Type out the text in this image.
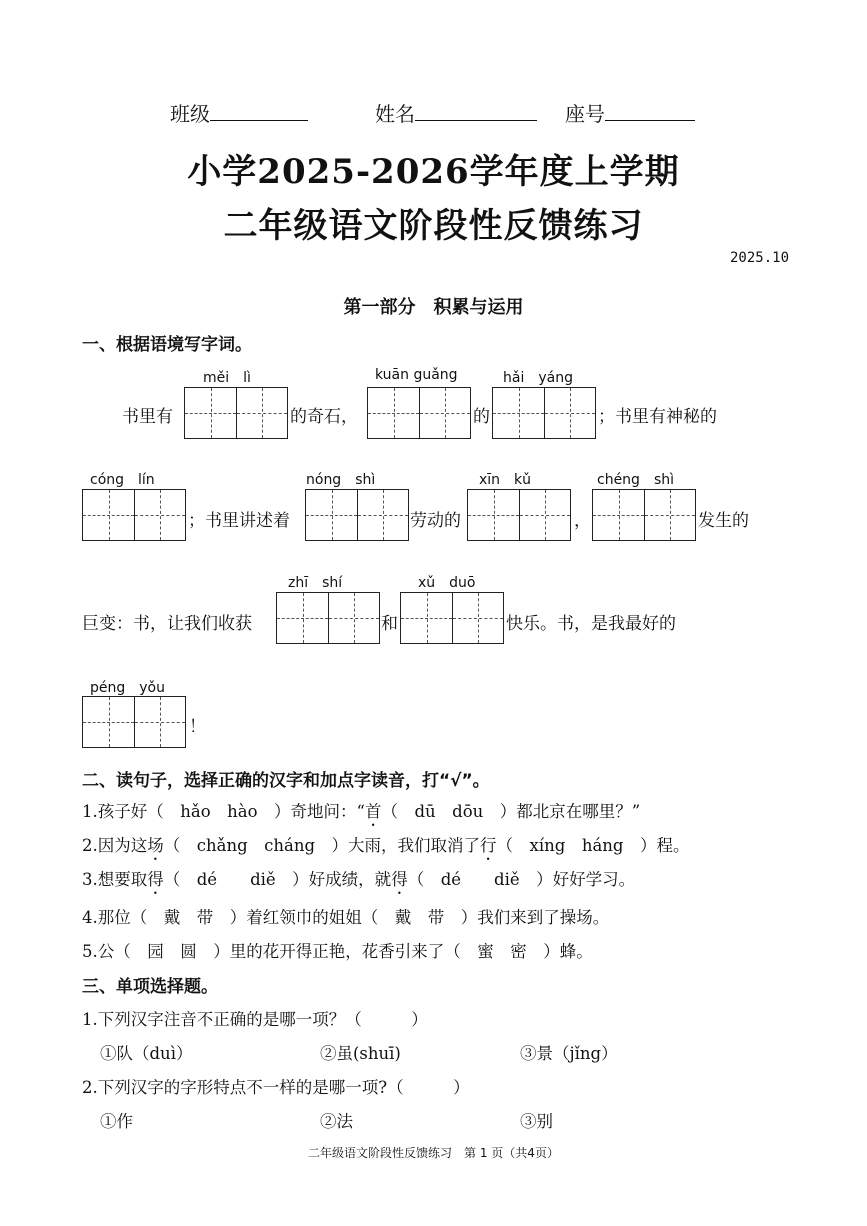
班级	姓名	座号
小学2025-2026学年度上学期
二年级语文阶段性反馈练习
2025.10
第一部分　积累与运用
一、根据语境写字词。
měi　lì	kuān guǎng	hǎi　yáng
书里有	的奇石，	的	；书里有神秘的
cóng　lín	nóng　shì	xīn　kǔ	chéng　shì
；书里讲述着	劳动的	，	发生的
zhī　shí	xǔ　duō
巨变：书，让我们收获	和	快乐。书，是我最好的
péng　yǒu
！
二、读句子，选择正确的汉字和加点字读音，打“√”。
1.孩子好（　hǎo　hào　）奇地问：“首（　dū　dōu　）都北京在哪里？”
2.因为这场（　chǎng　cháng　）大雨，我们取消了行（　xíng　háng　）程。
3.想要取得（　dé　　diě　）好成绩，就得（　dé　　diě　）好好学习。
4.那位（　戴　带　）着红领巾的姐姐（　戴　带　）我们来到了操场。
5.公（　园　圆　）里的花开得正艳，花香引来了（　蜜　密　）蜂。
三、单项选择题。
1.下列汉字注音不正确的是哪一项？（　　　）
①队（duì）	②虽(shuī)	③景（jǐng）
2.下列汉字的字形特点不一样的是哪一项?（　　　）
①作	②法	③别
二年级语文阶段性反馈练习　第 1 页（共4页）
